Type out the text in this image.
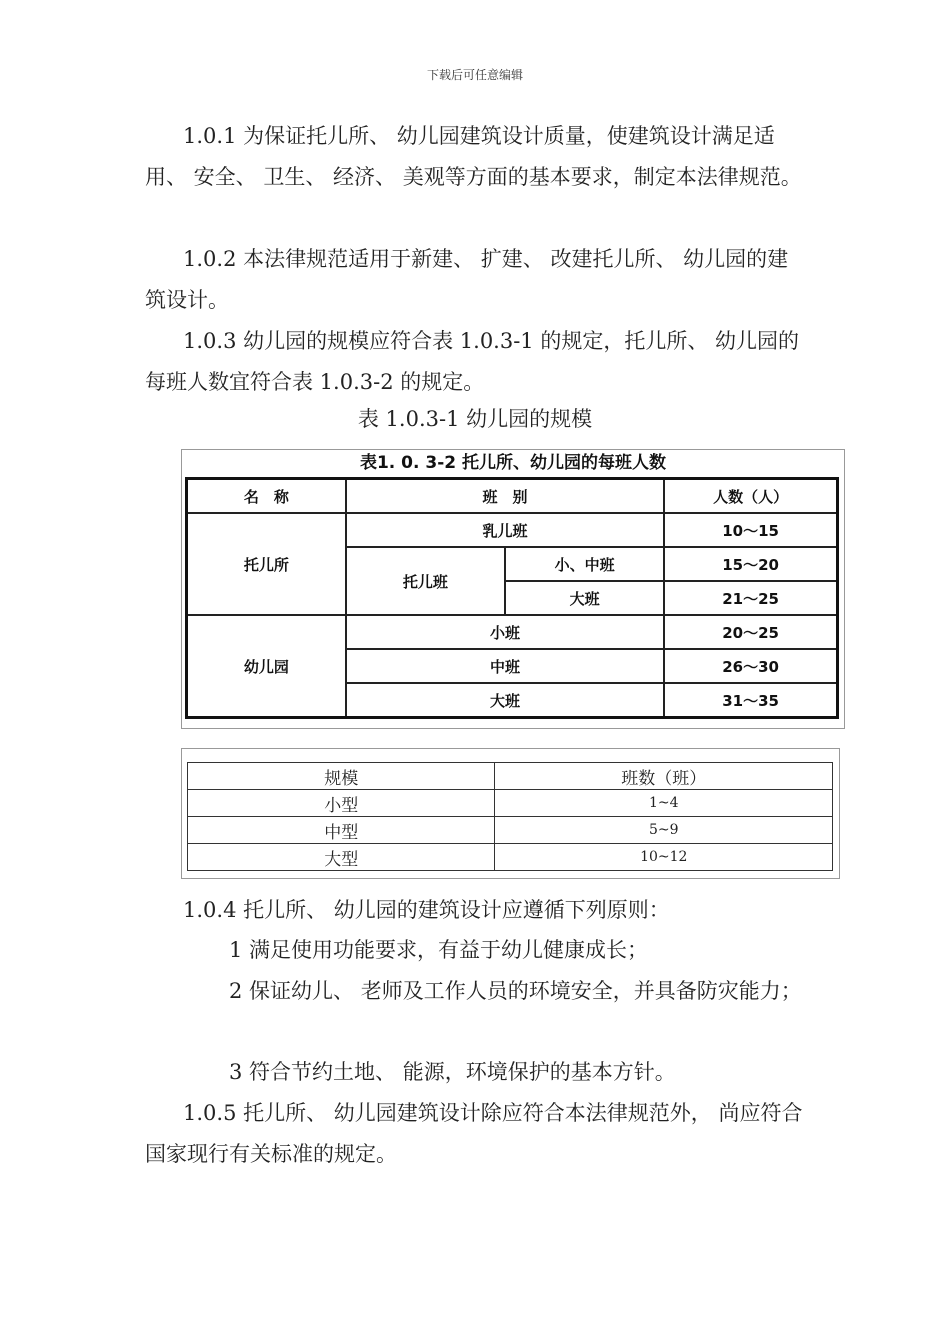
下载后可任意编辑

1.0.1 为保证托儿所、 幼儿园建筑设计质量，使建筑设计满足适用、 安全、 卫生、 经济、 美观等方面的基本要求，制定本法律规范。

1.0.2 本法律规范适用于新建、 扩建、 改建托儿所、 幼儿园的建筑设计。

1.0.3 幼儿园的规模应符合表 1.0.3-1 的规定，托儿所、 幼儿园的每班人数宜符合表 1.0.3-2 的规定。

表 1.0.3-1 幼儿园的规模
表1. 0. 3-2 托儿所、幼儿园的每班人数
名　称	班　别		人数（人）
托儿所	乳儿班		10～15
	托儿班	小、中班	15～20
		大班	21～25
幼儿园	小班		20～25
	中班		26～30
	大班		31～35
规模	班数（班）
小型	1~4
中型	5~9
大型	10~12

1.0.4 托儿所、 幼儿园的建筑设计应遵循下列原则：

1 满足使用功能要求，有益于幼儿健康成长；

2 保证幼儿、 老师及工作人员的环境安全，并具备防灾能力；

3 符合节约土地、 能源，环境保护的基本方针。

1.0.5 托儿所、 幼儿园建筑设计除应符合本法律规范外， 尚应符合国家现行有关标准的规定。
